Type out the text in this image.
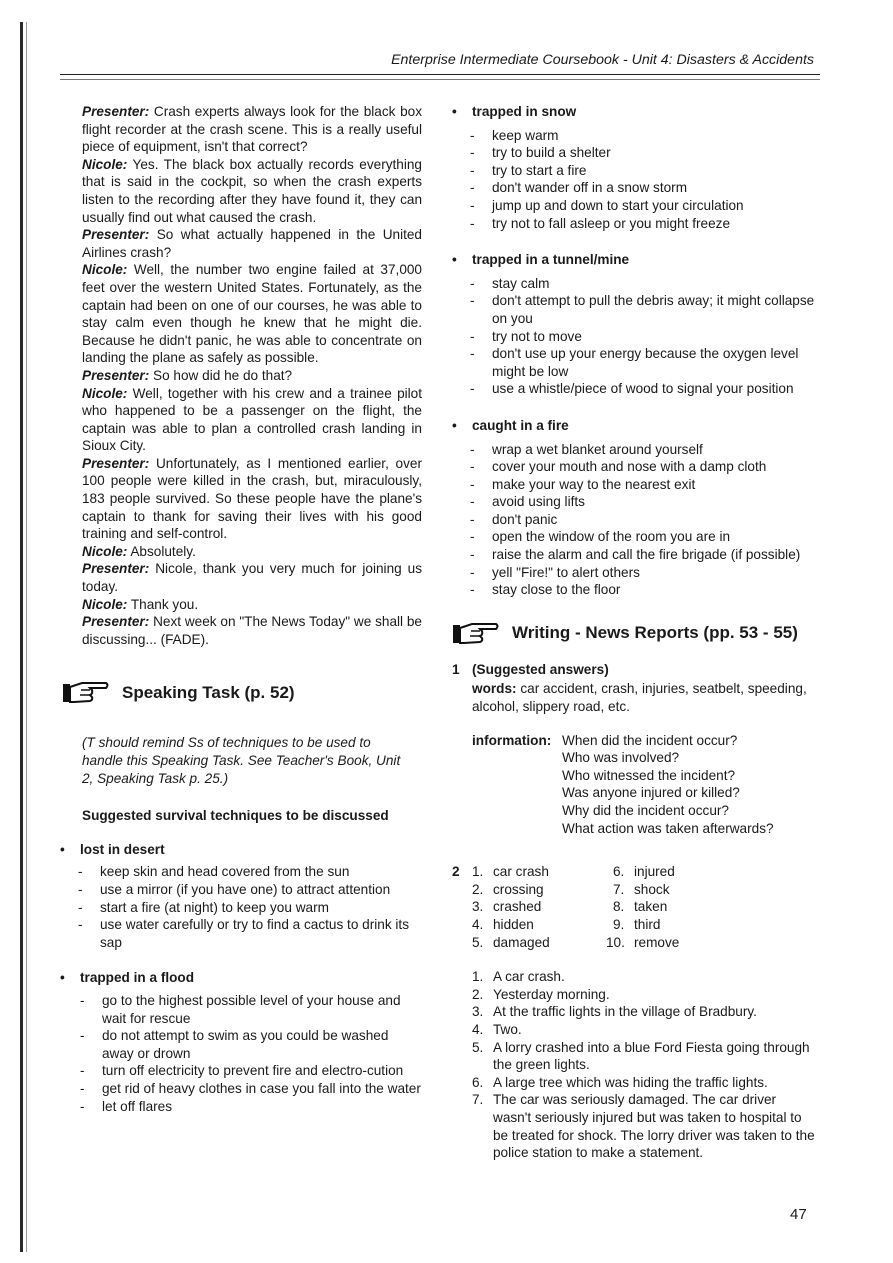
Enterprise Intermediate Coursebook - Unit 4: Disasters & Accidents

Presenter: Crash experts always look for the black box flight recorder at the crash scene. This is a really useful piece of equipment, isn't that correct?

Nicole: Yes. The black box actually records everything that is said in the cockpit, so when the crash experts listen to the recording after they have found it, they can usually find out what caused the crash.

Presenter: So what actually happened in the United Airlines crash?

Nicole: Well, the number two engine failed at 37,000 feet over the western United States. Fortunately, as the captain had been on one of our courses, he was able to stay calm even though he knew that he might die. Because he didn't panic, he was able to concentrate on landing the plane as safely as possible.

Presenter: So how did he do that?

Nicole: Well, together with his crew and a trainee pilot who happened to be a passenger on the flight, the captain was able to plan a controlled crash landing in Sioux City.

Presenter: Unfortunately, as I mentioned earlier, over 100 people were killed in the crash, but, miraculously, 183 people survived. So these people have the plane's captain to thank for saving their lives with his good training and self-control.

Nicole: Absolutely.

Presenter: Nicole, thank you very much for joining us today.

Nicole: Thank you.

Presenter: Next week on "The News Today" we shall be discussing... (FADE).

Speaking Task (p. 52)

(T should remind Ss of techniques to be used to handle this Speaking Task. See Teacher's Book, Unit 2, Speaking Task p. 25.)

Suggested survival techniques to be discussed

• lost in desert
- keep skin and head covered from the sun
- use a mirror (if you have one) to attract attention
- start a fire (at night) to keep you warm
- use water carefully or try to find a cactus to drink its sap
• trapped in a flood
- go to the highest possible level of your house and wait for rescue
- do not attempt to swim as you could be washed away or drown
- turn off electricity to prevent fire and electro-cution
- get rid of heavy clothes in case you fall into the water
- let off flares
• trapped in snow
- keep warm
- try to build a shelter
- try to start a fire
- don't wander off in a snow storm
- jump up and down to start your circulation
- try not to fall asleep or you might freeze
• trapped in a tunnel/mine
- stay calm
- don't attempt to pull the debris away; it might collapse on you
- try not to move
- don't use up your energy because the oxygen level might be low
- use a whistle/piece of wood to signal your position
• caught in a fire
- wrap a wet blanket around yourself
- cover your mouth and nose with a damp cloth
- make your way to the nearest exit
- avoid using lifts
- don't panic
- open the window of the room you are in
- raise the alarm and call the fire brigade (if possible)
- yell "Fire!" to alert others
- stay close to the floor
Writing - News Reports (pp. 53 - 55)
1 (Suggested answers)

words: car accident, crash, injuries, seatbelt, speeding, alcohol, slippery road, etc.

information: When did the incident occur?

Who was involved?

Who witnessed the incident?

Was anyone injured or killed?

Why did the incident occur?

What action was taken afterwards?

2 1. car crash
2. crossing
3. crashed
4. hidden
5. damaged
6. injured
7. shock
8. taken
9. third
10. remove
1. A car crash.
2. Yesterday morning.
3. At the traffic lights in the village of Bradbury.
4. Two.
5. A lorry crashed into a blue Ford Fiesta going through the green lights.
6. A large tree which was hiding the traffic lights.
7. The car was seriously damaged. The car driver wasn't seriously injured but was taken to hospital to be treated for shock. The lorry driver was taken to the police station to make a statement.
47
